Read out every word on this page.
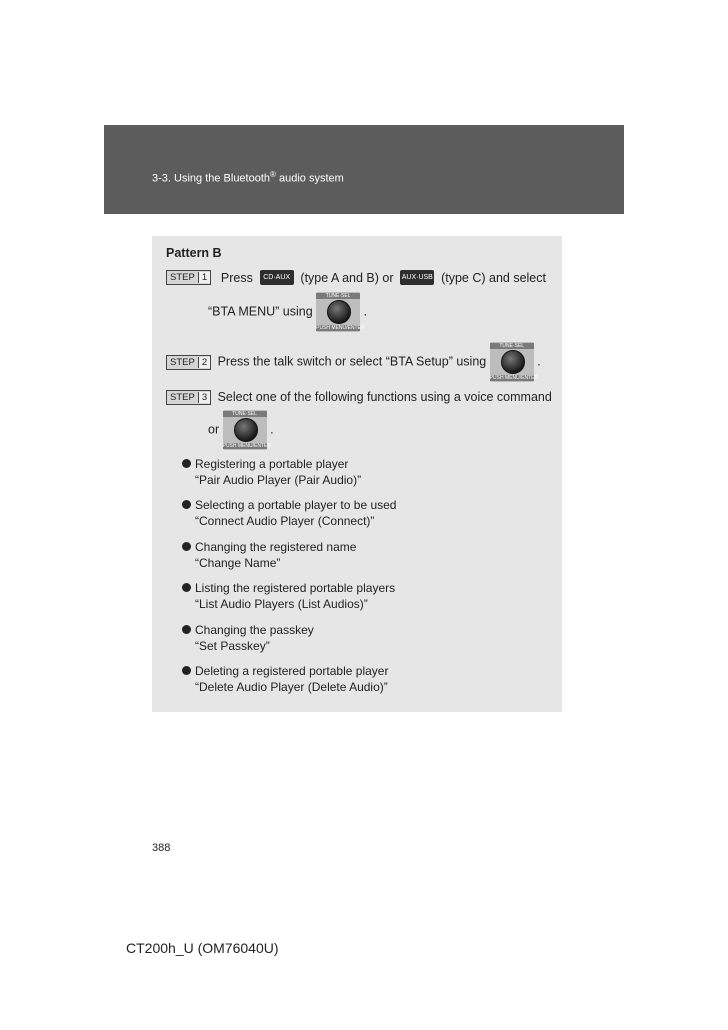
3-3. Using the Bluetooth® audio system
Pattern B
STEP 1 Press	CD·AUX (type A and B) or AUX·USB (type C) and select
“BTA MENU” using
TUNE·SEL
PUSH MENU/ENTER
.
STEP 2 Press the talk switch or select “BTA Setup” using
TUNE·SEL
PUSH MENU/ENTER
.
STEP 3 Select one of the following functions using a voice command
or
TUNE·SEL
PUSH MENU/ENTER
.
Registering a portable player
“Pair Audio Player (Pair Audio)”
Selecting a portable player to be used
“Connect Audio Player (Connect)”
Changing the registered name
“Change Name”
Listing the registered portable players
“List Audio Players (List Audios)”
Changing the passkey
“Set Passkey”
Deleting a registered portable player
“Delete Audio Player (Delete Audio)”
388
CT200h_U (OM76040U)
